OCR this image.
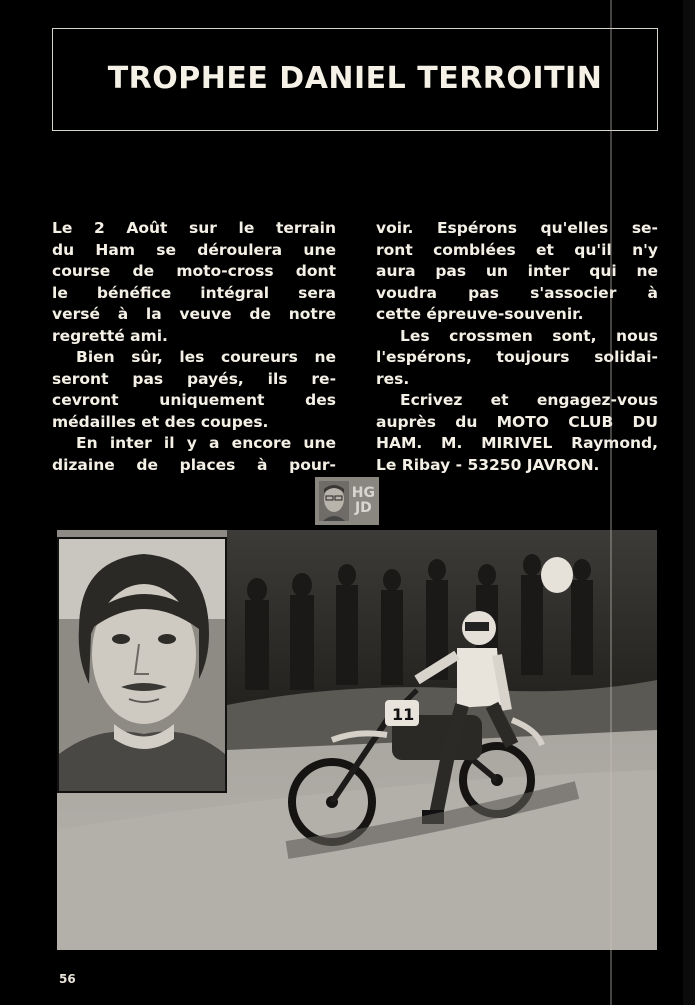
TROPHEE DANIEL TERROITIN
Le 2 Août sur le terrain
du Ham se déroulera une
course de moto-cross dont
le bénéfice intégral sera
versé à la veuve de notre
regretté ami.
Bien sûr, les coureurs ne
seront pas payés, ils re-
cevront uniquement des
médailles et des coupes.
En inter il y a encore une
dizaine de places à pour-
voir. Espérons qu'elles se-
ront comblées et qu'il n'y
aura pas un inter qui ne
voudra pas s'associer à
cette épreuve-souvenir.
Les crossmen sont, nous
l'espérons, toujours solidai-
res.
Ecrivez et engagez-vous
auprès du MOTO CLUB DU
HAM. M. MIRIVEL Raymond,
Le Ribay - 53250 JAVRON.
HG
JD
11
56
